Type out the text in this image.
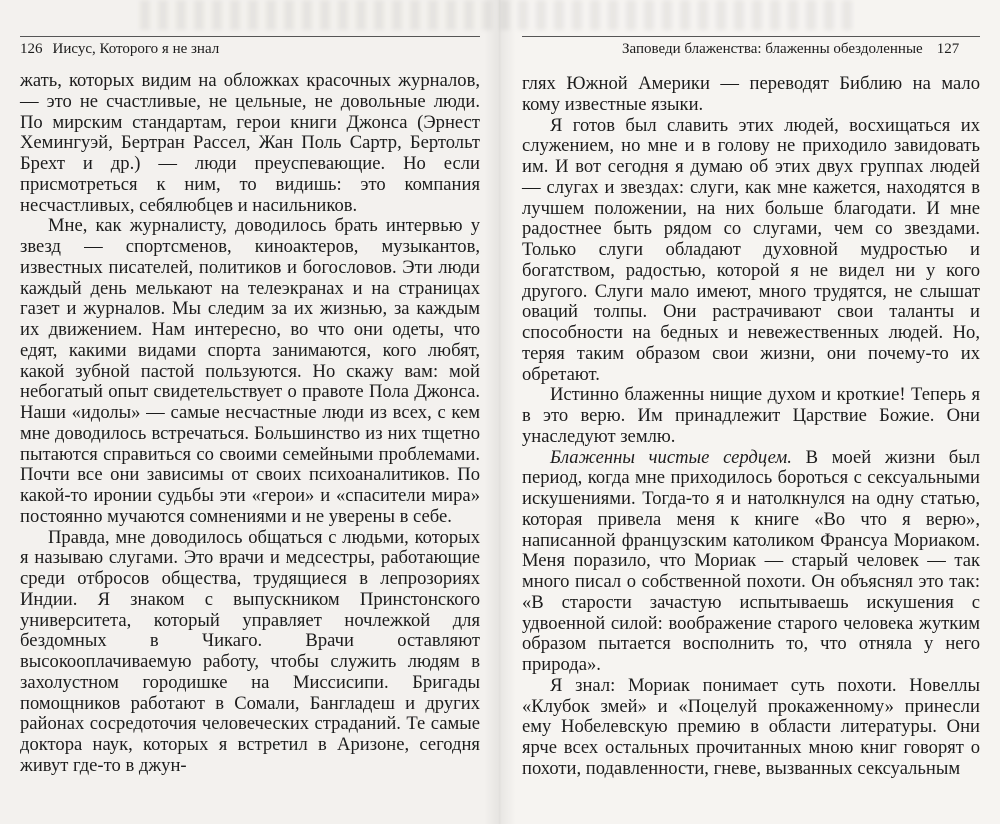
126 Иисус, Которого я не знал	Заповеди блаженства: блаженны обездоленные 127

жать, которых видим на обложках красочных журналов, — это не счастливые, не цельные, не довольные люди. По мирским стандартам, герои книги Джонса (Эрнест Хемингуэй, Бертран Рассел, Жан Поль Сартр, Бертольт Брехт и др.) — люди преуспевающие. Но если присмотреться к ним, то видишь: это компания несчастливых, себялюбцев и насильников.

Мне, как журналисту, доводилось брать интервью у звезд — спортсменов, киноактеров, музыкантов, известных писателей, политиков и богословов. Эти люди каждый день мелькают на телеэкранах и на страницах газет и журналов. Мы следим за их жизнью, за каждым их движением. Нам интересно, во что они одеты, что едят, какими видами спорта занимаются, кого любят, какой зубной пастой пользуются. Но скажу вам: мой небогатый опыт свидетельствует о правоте Пола Джонса. Наши «идолы» — самые несчастные люди из всех, с кем мне доводилось встречаться. Большинство из них тщетно пытаются справиться со своими семейными проблемами. Почти все они зависимы от своих психоаналитиков. По какой-то иронии судьбы эти «герои» и «спасители мира» постоянно мучаются сомнениями и не уверены в себе.

Правда, мне доводилось общаться с людьми, которых я называю слугами. Это врачи и медсестры, работающие среди отбросов общества, трудящиеся в лепрозориях Индии. Я знаком с выпускником Принстонского университета, который управляет ночлежкой для бездомных в Чикаго. Врачи оставляют высокооплачиваемую работу, чтобы служить людям в захолустном городишке на Миссисипи. Бригады помощников работают в Сомали, Бангладеш и других районах сосредоточия человеческих страданий. Те самые доктора наук, которых я встретил в Аризоне, сегодня живут где-то в джун-

глях Южной Америки — переводят Библию на мало кому известные языки.

Я готов был славить этих людей, восхищаться их служением, но мне и в голову не приходило завидовать им. И вот сегодня я думаю об этих двух группах людей — слугах и звездах: слуги, как мне кажется, находятся в лучшем положении, на них больше благодати. И мне радостнее быть рядом со слугами, чем со звездами. Только слуги обладают духовной мудростью и богатством, радостью, которой я не видел ни у кого другого. Слуги мало имеют, много трудятся, не слышат оваций толпы. Они растрачивают свои таланты и способности на бедных и невежественных людей. Но, теряя таким образом свои жизни, они почему-то их обретают.

Истинно блаженны нищие духом и кроткие! Теперь я в это верю. Им принадлежит Царствие Божие. Они унаследуют землю.

Блаженны чистые сердцем. В моей жизни был период, когда мне приходилось бороться с сексуальными искушениями. Тогда-то я и натолкнулся на одну статью, которая привела меня к книге «Во что я верю», написанной французским католиком Франсуа Мориаком. Меня поразило, что Мориак — старый человек — так много писал о собственной похоти. Он объяснял это так: «В старости зачастую испытываешь искушения с удвоенной силой: воображение старого человека жутким образом пытается восполнить то, что отняла у него природа».

Я знал: Мориак понимает суть похоти. Новеллы «Клубок змей» и «Поцелуй прокаженному» принесли ему Нобелевскую премию в области литературы. Они ярче всех остальных прочитанных мною книг говорят о похоти, подавленности, гневе, вызванных сексуальным
